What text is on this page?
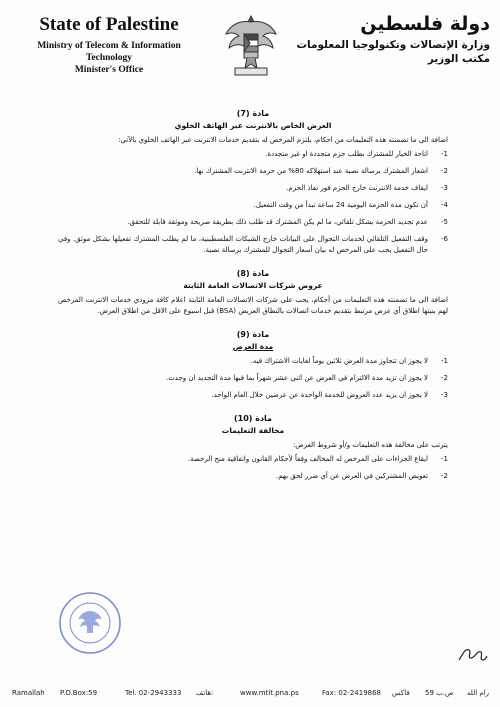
State of Palestine
Ministry of Telecom & Information Technology
Minister's Office
دولة فلسطين
وزارة الإتصالات وتكنولوجيا المعلومات
مكتب الوزير
مادة (7)
العرض الخاص بالانترنت عبر الهاتف الخلوي
اضافة الى ما تضمنته هذه التعليمات من احكام، يلتزم المرخص له بتقديم خدمات الانترنت عبر الهاتف الخلوي بالآتي:
1-
اتاحة الخيار للمشترك بطلب حزم متجددة او غير متجددة.
2-
اشعار المشترك برسالة نصية عند استهلاكه 80% من حزمة الانترنت المشترك بها.
3-
ايقاف خدمة الانترنت خارج الحزم فور نفاذ الحزم.
4-
أن تكون مدة الحزمة اليومية 24 ساعة تبدأ من وقت التفعيل.
5-
عدم تجديد الحزمة بشكل تلقائي، ما لم يكن المشترك قد طلب ذلك بطريقة صريحة وموثقة قابلة للتحقق.
6-
وقف التفعيل التلقائي لخدمات التجوال على البيانات خارج الشبكات الفلسطينية، ما لم يطلب المشترك تفعيلها بشكل موثق. وفي حال التفعيل يجب على المرخص له بيان أسعار التجوال للمشترك برسالة نصية.
مادة (8)
عروض شركات الاتصالات العامة الثابتة
اضافة الى ما تضمنته هذه التعليمات من أحكام، يجب على شركات الاتصالات العامة الثابتة اعلام كافة مزودي خدمات الانترنت المرخص لهم بنيتها اطلاق أي عرض مرتبط بتقديم خدمات اتصالات بالنطاق العريض (BSA) قبل اسبوع على الاقل من اطلاق العرض.
مادة (9)
مدة العرض
1-
لا يجوز ان تتجاوز مدة العرض ثلاثين يوماً لغايات الاشتراك فيه.
2-
لا يجوز ان تزيد مدة الالتزام في العرض عن اثني عشر شهراً بما فيها مدة التجديد ان وجدت.
3-
لا يجوز ان يزيد عدد العروض للخدمة الواحدة عن عرضين خلال العام الواحد.
مادة (10)
مخالفة التعليمات
يترتب على مخالفة هذه التعليمات و/أو شروط العرض:
1-
ايقاع الجزاءات على المرخص له المخالف وفقاً لأحكام القانون واتفاقية منح الرخصة.
2-
تعويض المشتركين في العرض عن أي ضرر لحق بهم.
Ramallah P.O.Box:59	Tel. 02-2943333 هاتف:	www.mtit.pna.ps	Fax: 02-2419868 فاكس ص.ب 59 رام الله
